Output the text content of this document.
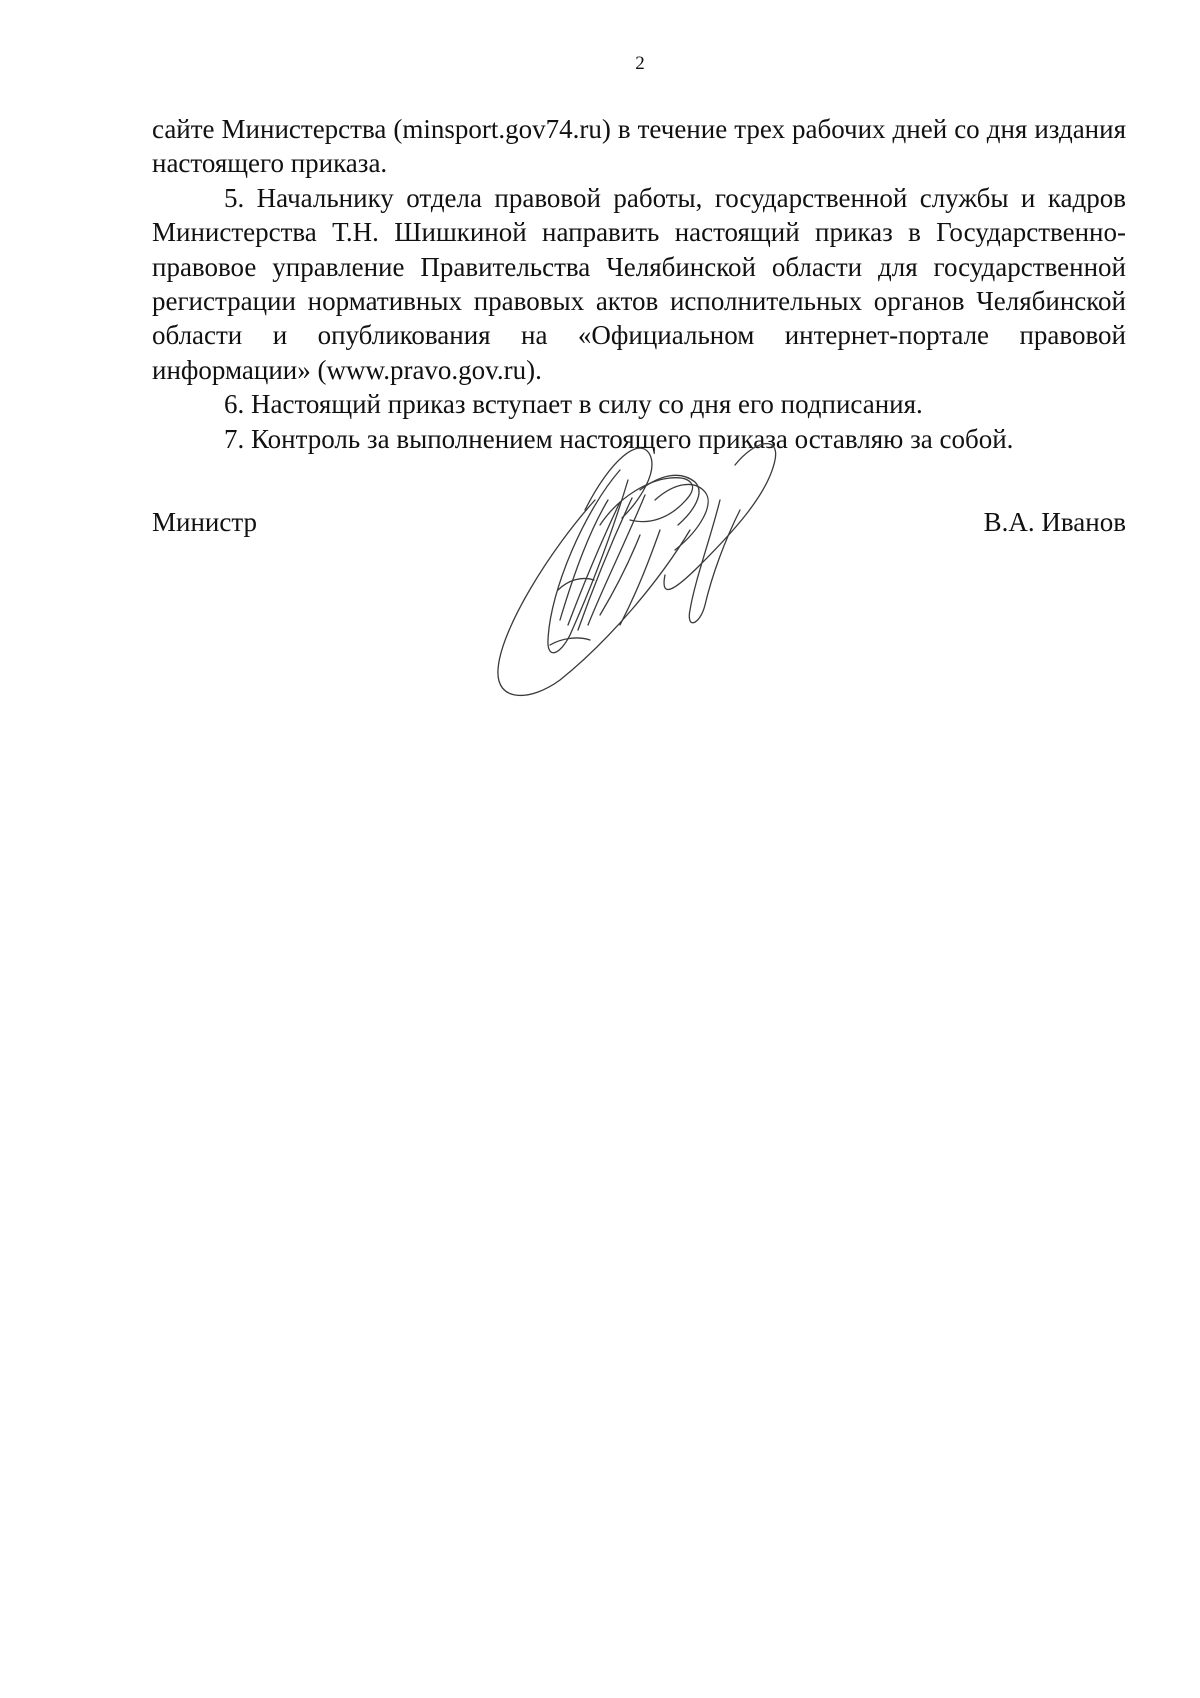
2

сайте Министерства (minsport.gov74.ru) в течение трех рабочих дней со дня издания настоящего приказа.

5. Начальнику отдела правовой работы, государственной службы и кадров Министерства Т.Н. Шишкиной направить настоящий приказ в Государственно-правовое управление Правительства Челябинской области для государственной регистрации нормативных правовых актов исполнительных органов Челябинской области и опубликования на «Официальном интернет-портале правовой информации» (www.pravo.gov.ru).

6. Настоящий приказ вступает в силу со дня его подписания.

7. Контроль за выполнением настоящего приказа оставляю за собой.

Министр	В.А. Иванов
